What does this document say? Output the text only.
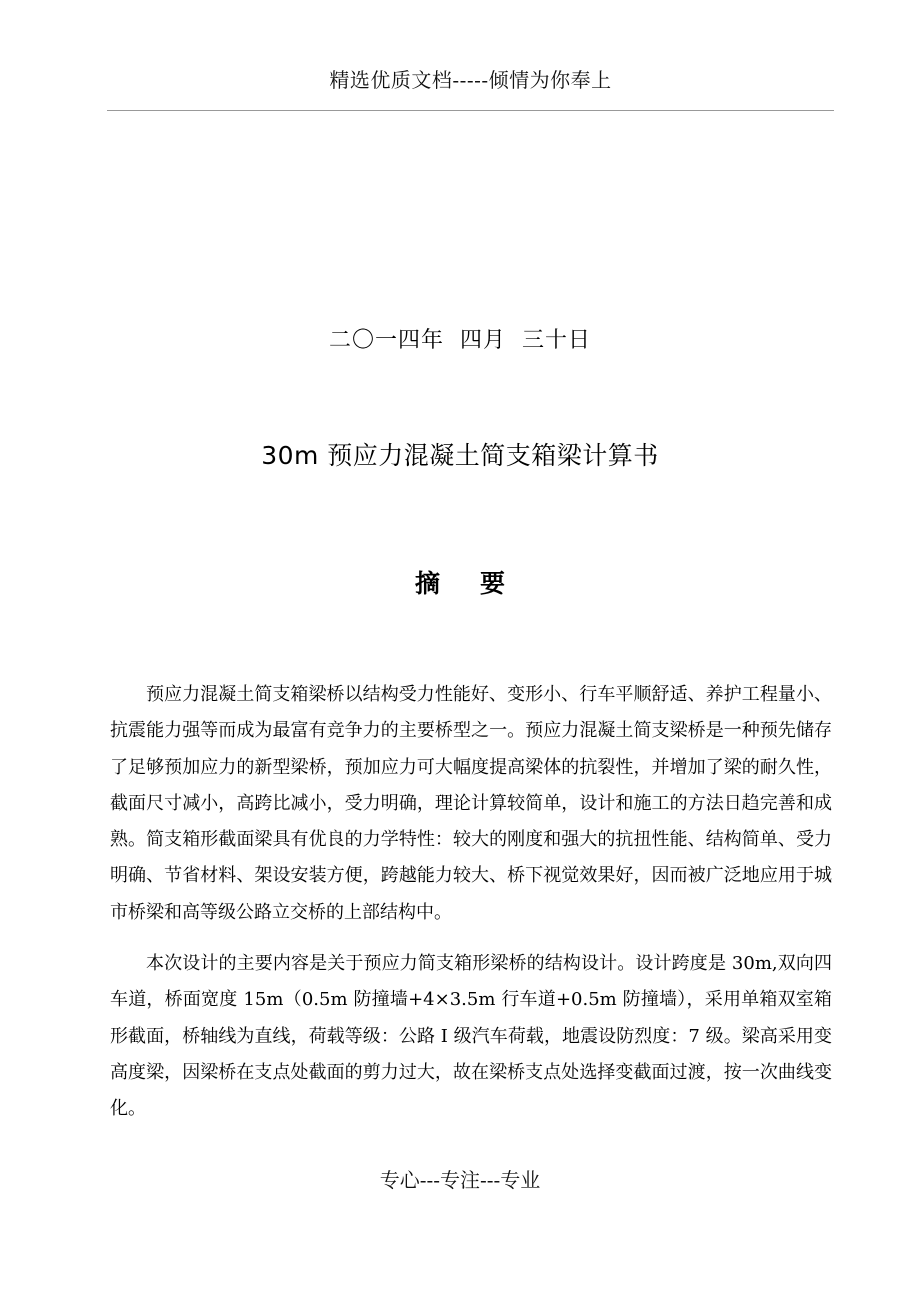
精选优质文档-----倾情为你奉上
二〇一四年  四月  三十日
30m 预应力混凝土简支箱梁计算书
摘要

预应力混凝土简支箱梁桥以结构受力性能好、变形小、行车平顺舒适、养护工程量小、抗震能力强等而成为最富有竞争力的主要桥型之一。预应力混凝土简支梁桥是一种预先储存了足够预加应力的新型梁桥，预加应力可大幅度提高梁体的抗裂性，并增加了梁的耐久性，截面尺寸减小，高跨比减小，受力明确，理论计算较简单，设计和施工的方法日趋完善和成熟。简支箱形截面梁具有优良的力学特性：较大的刚度和强大的抗扭性能、结构简单、受力明确、节省材料、架设安装方便，跨越能力较大、桥下视觉效果好，因而被广泛地应用于城市桥梁和高等级公路立交桥的上部结构中。

本次设计的主要内容是关于预应力简支箱形梁桥的结构设计。设计跨度是 30m,双向四车道，桥面宽度 15m（0.5m 防撞墙+4×3.5m 行车道+0.5m 防撞墙），采用单箱双室箱形截面，桥轴线为直线，荷载等级：公路 I 级汽车荷载，地震设防烈度：7 级。梁高采用变高度梁，因梁桥在支点处截面的剪力过大，故在梁桥支点处选择变截面过渡，按一次曲线变化。

专心---专注---专业
